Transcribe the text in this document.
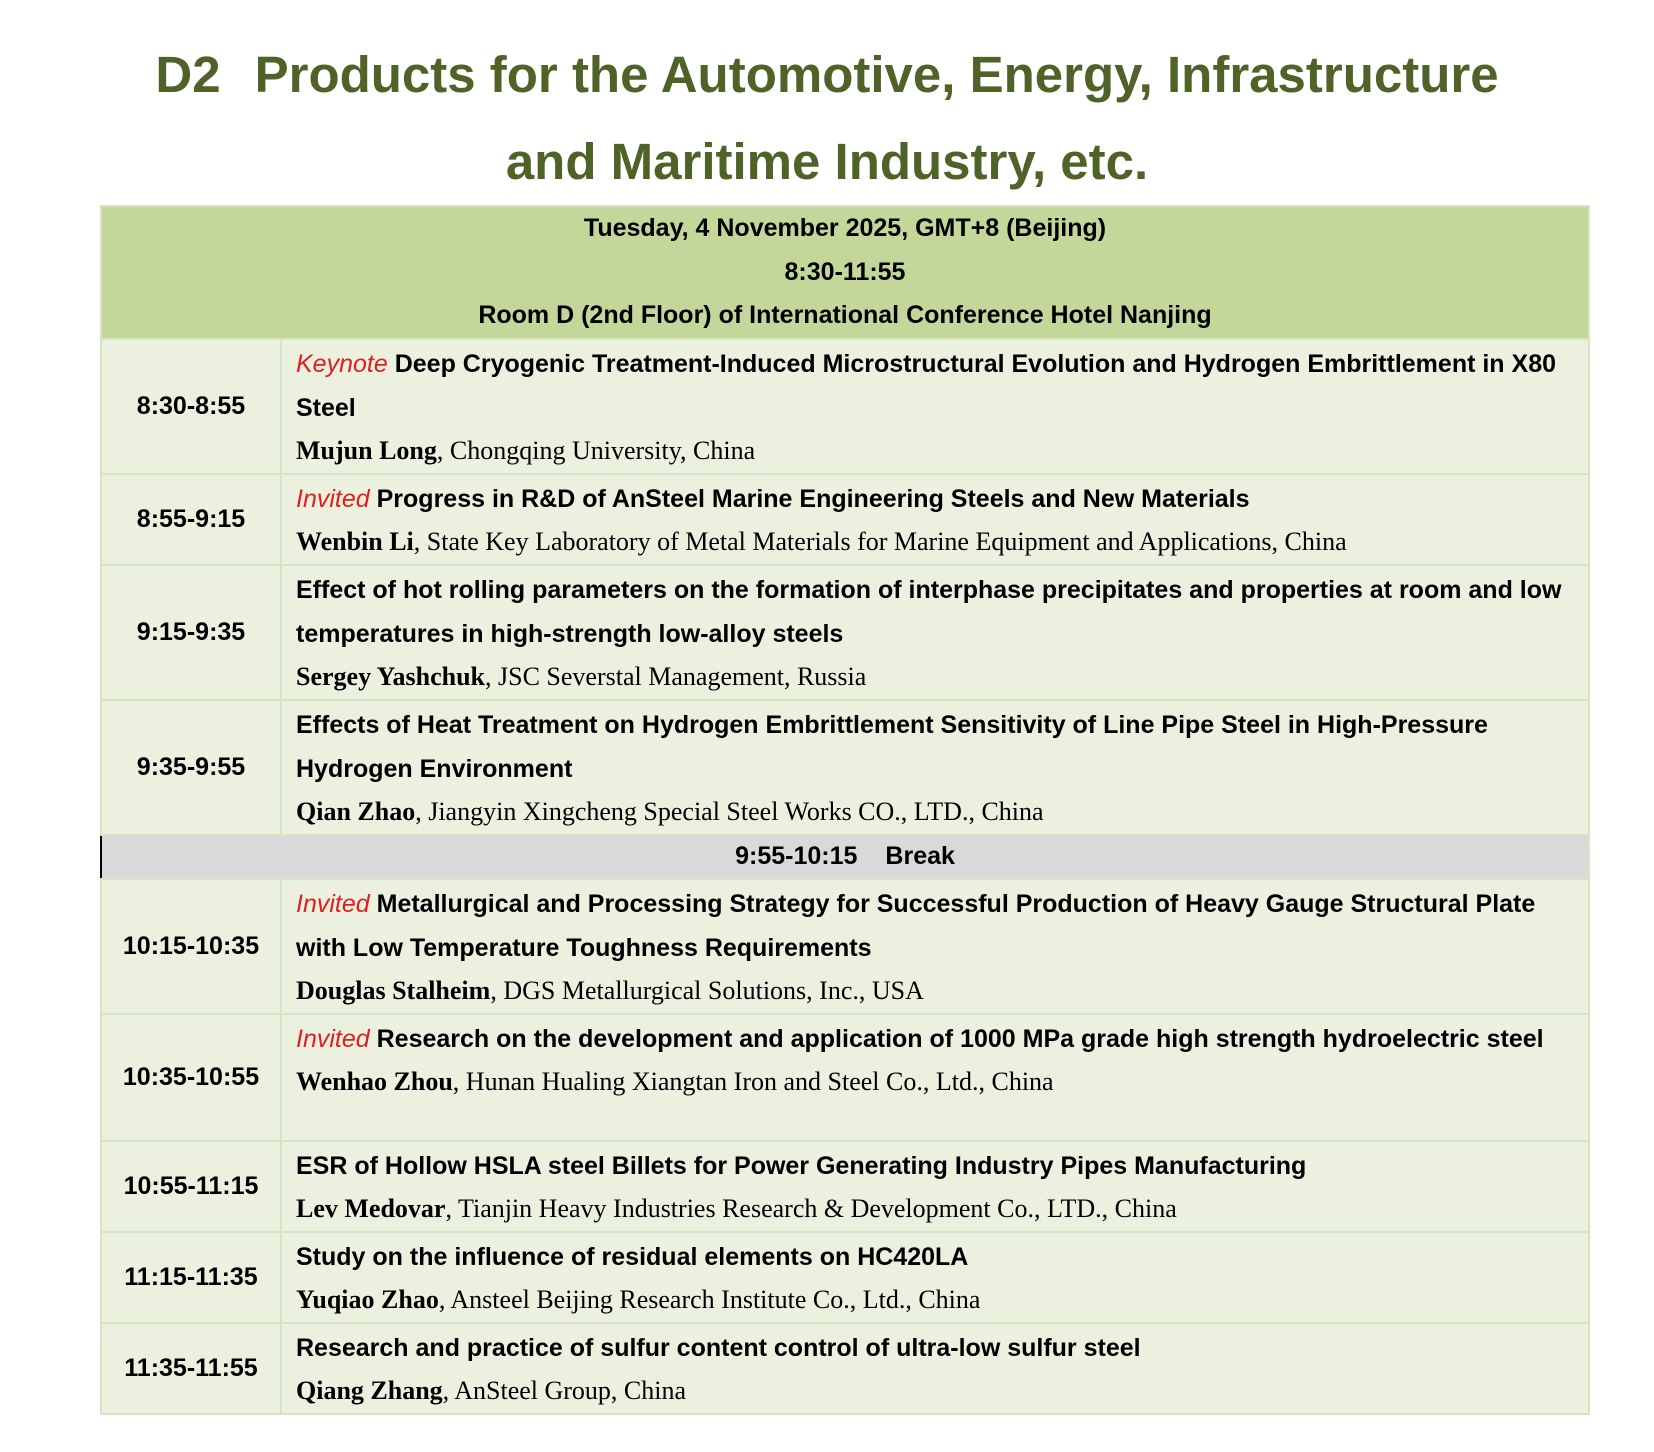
D2 Products for the Automotive, Energy, Infrastructure
and Maritime Industry, etc.
Tuesday, 4 November 2025, GMT+8 (Beijing)
8:30-11:55
Room D (2nd Floor) of International Conference Hotel Nanjing	

8:30-8:55	Keynote Deep Cryogenic Treatment-Induced Microstructural Evolution and Hydrogen Embrittlement in X80 Steel
Mujun Long, Chongqing University, China

8:55-9:15	Invited Progress in R&D of AnSteel Marine Engineering Steels and New Materials
Wenbin Li, State Key Laboratory of Metal Materials for Marine Equipment and Applications, China

9:15-9:35	Effect of hot rolling parameters on the formation of interphase precipitates and properties at room and low temperatures in high-strength low-alloy steels
Sergey Yashchuk, JSC Severstal Management, Russia

9:35-9:55	Effects of Heat Treatment on Hydrogen Embrittlement Sensitivity of Line Pipe Steel in High-Pressure Hydrogen Environment
Qian Zhao, Jiangyin Xingcheng Special Steel Works CO., LTD., China

9:55-10:15 Break	
10:15-10:35	Invited Metallurgical and Processing Strategy for Successful Production of Heavy Gauge Structural Plate with Low Temperature Toughness Requirements
Douglas Stalheim, DGS Metallurgical Solutions, Inc., USA

10:35-10:55	Invited Research on the development and application of 1000 MPa grade high strength hydroelectric steel
Wenhao Zhou, Hunan Hualing Xiangtan Iron and Steel Co., Ltd., China

10:55-11:15	ESR of Hollow HSLA steel Billets for Power Generating Industry Pipes Manufacturing
Lev Medovar, Tianjin Heavy Industries Research & Development Co., LTD., China

11:15-11:35	Study on the influence of residual elements on HC420LA
Yuqiao Zhao, Ansteel Beijing Research Institute Co., Ltd., China

11:35-11:55	Research and practice of sulfur content control of ultra-low sulfur steel
Qiang Zhang, AnSteel Group, China
